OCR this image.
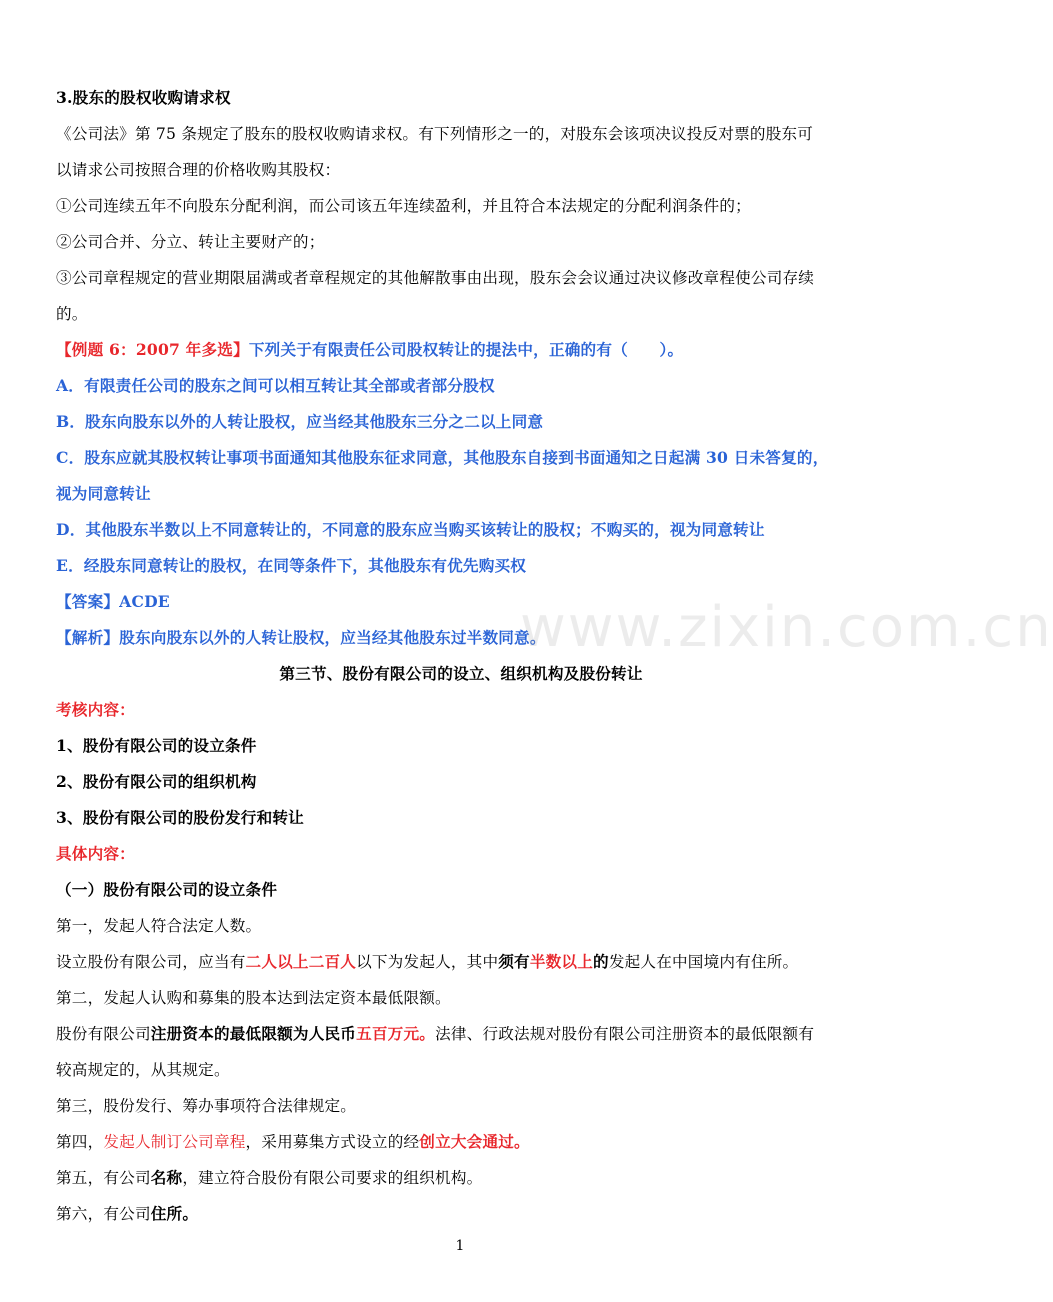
3.股东的股权收购请求权
《公司法》第 75 条规定了股东的股权收购请求权。有下列情形之一的，对股东会该项决议投反对票的股东可
以请求公司按照合理的价格收购其股权：
①公司连续五年不向股东分配利润，而公司该五年连续盈利，并且符合本法规定的分配利润条件的；
②公司合并、分立、转让主要财产的；
③公司章程规定的营业期限届满或者章程规定的其他解散事由出现，股东会会议通过决议修改章程使公司存续
的。
【例题 6：2007 年多选】下列关于有限责任公司股权转让的提法中，正确的有（　　）。
A．有限责任公司的股东之间可以相互转让其全部或者部分股权
B．股东向股东以外的人转让股权，应当经其他股东三分之二以上同意
C．股东应就其股权转让事项书面通知其他股东征求同意，其他股东自接到书面通知之日起满 30 日未答复的，
视为同意转让
D．其他股东半数以上不同意转让的，不同意的股东应当购买该转让的股权；不购买的，视为同意转让
E．经股东同意转让的股权，在同等条件下，其他股东有优先购买权
【答案】ACDE
【解析】股东向股东以外的人转让股权，应当经其他股东过半数同意。
第三节、股份有限公司的设立、组织机构及股份转让
考核内容：
1、股份有限公司的设立条件
2、股份有限公司的组织机构
3、股份有限公司的股份发行和转让
具体内容：
（一）股份有限公司的设立条件
第一，发起人符合法定人数。
设立股份有限公司，应当有二人以上二百人以下为发起人，其中须有半数以上的发起人在中国境内有住所。
第二，发起人认购和募集的股本达到法定资本最低限额。
股份有限公司注册资本的最低限额为人民币五百万元。法律、行政法规对股份有限公司注册资本的最低限额有
较高规定的，从其规定。
第三，股份发行、筹办事项符合法律规定。
第四，发起人制订公司章程，采用募集方式设立的经创立大会通过。
第五，有公司名称，建立符合股份有限公司要求的组织机构。
第六，有公司住所。
www.zixin.com.cn
1
